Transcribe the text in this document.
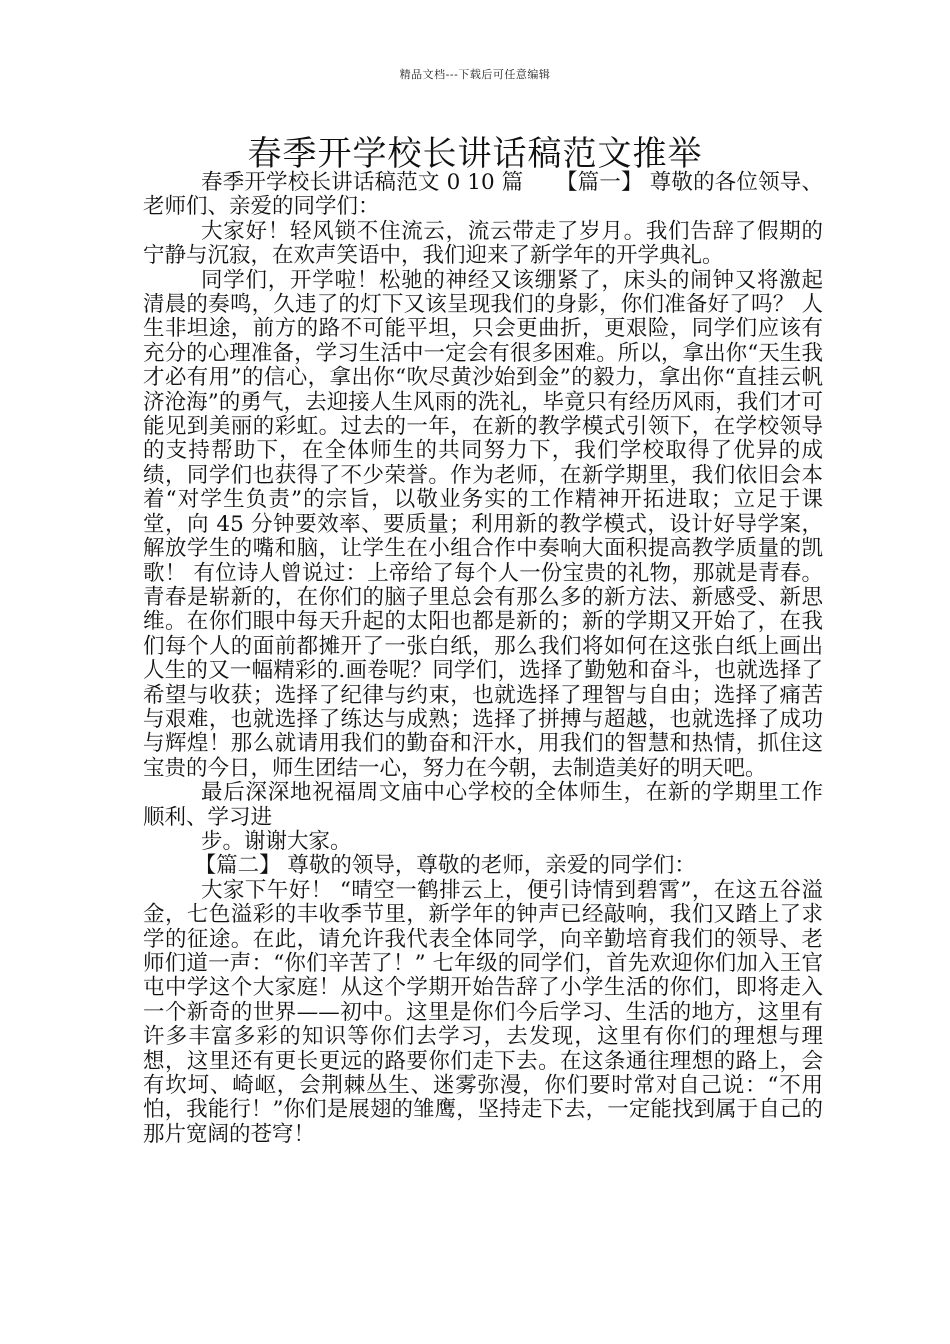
精品文档---下载后可任意编辑
春季开学校长讲话稿范文推举

春季开学校长讲话稿范文 0 10 篇　　【篇一】 尊敬的各位领导、老师们、亲爱的同学们：

大家好！轻风锁不住流云，流云带走了岁月。我们告辞了假期的宁静与沉寂，在欢声笑语中，我们迎来了新学年的开学典礼。

同学们，开学啦！松驰的神经又该绷紧了，床头的闹钟又将激起清晨的奏鸣，久违了的灯下又该呈现我们的身影，你们准备好了吗？ 人生非坦途，前方的路不可能平坦，只会更曲折，更艰险，同学们应该有充分的心理准备，学习生活中一定会有很多困难。所以，拿出你“天生我才必有用”的信心，拿出你“吹尽黄沙始到金”的毅力，拿出你“直挂云帆济沧海”的勇气，去迎接人生风雨的洗礼，毕竟只有经历风雨，我们才可能见到美丽的彩虹。过去的一年，在新的教学模式引领下，在学校领导的支持帮助下，在全体师生的共同努力下，我们学校取得了优异的成绩，同学们也获得了不少荣誉。作为老师，在新学期里，我们依旧会本着“对学生负责”的宗旨，以敬业务实的工作精神开拓进取；立足于课堂，向 45 分钟要效率、要质量；利用新的教学模式，设计好导学案，解放学生的嘴和脑，让学生在小组合作中奏响大面积提高教学质量的凯歌！ 有位诗人曾说过：上帝给了每个人一份宝贵的礼物，那就是青春。青春是崭新的，在你们的脑子里总会有那么多的新方法、新感受、新思维。在你们眼中每天升起的太阳也都是新的；新的学期又开始了，在我们每个人的面前都摊开了一张白纸，那么我们将如何在这张白纸上画出人生的又一幅精彩的.画卷呢？同学们，选择了勤勉和奋斗，也就选择了希望与收获；选择了纪律与约束，也就选择了理智与自由；选择了痛苦与艰难，也就选择了练达与成熟；选择了拼搏与超越，也就选择了成功与辉煌！那么就请用我们的勤奋和汗水，用我们的智慧和热情，抓住这宝贵的今日，师生团结一心，努力在今朝，去制造美好的明天吧。

最后深深地祝福周文庙中心学校的全体师生，在新的学期里工作顺利、学习进

步。谢谢大家。

【篇二】 尊敬的领导，尊敬的老师，亲爱的同学们：

大家下午好！ “晴空一鹤排云上，便引诗情到碧霄”，在这五谷溢金，七色溢彩的丰收季节里，新学年的钟声已经敲响，我们又踏上了求学的征途。在此，请允许我代表全体同学，向辛勤培育我们的领导、老师们道一声：“你们辛苦了！” 七年级的同学们，首先欢迎你们加入王官屯中学这个大家庭！从这个学期开始告辞了小学生活的你们，即将走入一个新奇的世界——初中。这里是你们今后学习、生活的地方，这里有许多丰富多彩的知识等你们去学习，去发现，这里有你们的理想与理想，这里还有更长更远的路要你们走下去。在这条通往理想的路上，会有坎坷、崎岖，会荆棘丛生、迷雾弥漫，你们要时常对自己说：“不用怕，我能行！”你们是展翅的雏鹰，坚持走下去，一定能找到属于自己的那片宽阔的苍穹！
